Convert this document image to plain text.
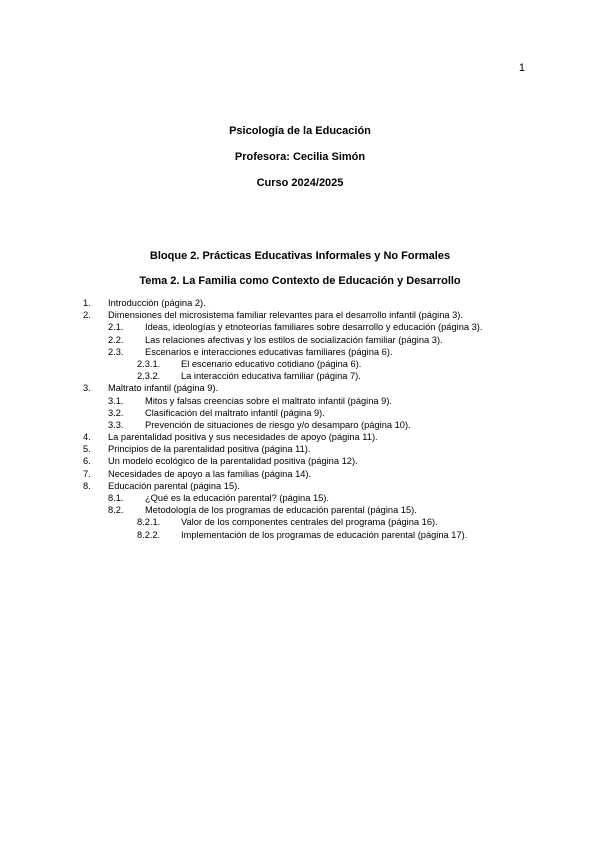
1
Psicología de la Educación
Profesora: Cecilia Simón
Curso 2024/2025
Bloque 2. Prácticas Educativas Informales y No Formales
Tema 2. La Familia como Contexto de Educación y Desarrollo
1. Introducción (página 2).
2. Dimensiones del microsistema familiar relevantes para el desarrollo infantil (página 3).
2.1. Ideas, ideologías y etnoteorías familiares sobre desarrollo y educación (página 3).
2.2. Las relaciones afectivas y los estilos de socialización familiar (página 3).
2.3. Escenarios e interacciones educativas familiares (página 6).
2.3.1. El escenario educativo cotidiano (página 6).
2.3.2. La interacción educativa familiar (página 7).
3. Maltrato infantil (página 9).
3.1. Mitos y falsas creencias sobre el maltrato infantil (página 9).
3.2. Clasificación del maltrato infantil (página 9).
3.3. Prevención de situaciones de riesgo y/o desamparo (página 10).
4. La parentalidad positiva y sus necesidades de apoyo (página 11).
5. Principios de la parentalidad positiva (página 11).
6. Un modelo ecológico de la parentalidad positiva (página 12).
7. Necesidades de apoyo a las familias (página 14).
8. Educación parental (página 15).
8.1. ¿Qué es la educación parental? (página 15).
8.2. Metodología de los programas de educación parental (página 15).
8.2.1. Valor de los componentes centrales del programa (página 16).
8.2.2. Implementación de los programas de educación parental (página 17).
